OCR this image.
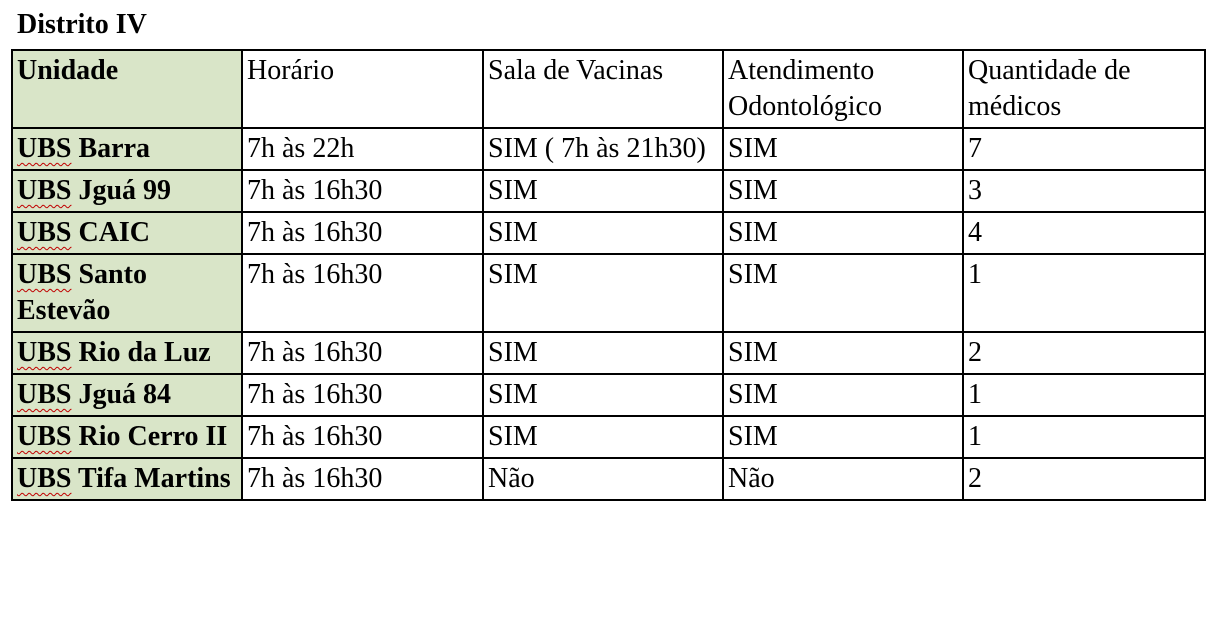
Distrito IV
Unidade	Horário	Sala de Vacinas	Atendimento Odontológico	Quantidade de médicos
UBS Barra	7h às 22h	SIM ( 7h às 21h30)	SIM	7
UBS Jguá 99	7h às 16h30	SIM	SIM	3
UBS CAIC	7h às 16h30	SIM	SIM	4
UBS Santo Estevão	7h às 16h30	SIM	SIM	1
UBS Rio da Luz	7h às 16h30	SIM	SIM	2
UBS Jguá 84	7h às 16h30	SIM	SIM	1
UBS Rio Cerro II	7h às 16h30	SIM	SIM	1
UBS Tifa Martins	7h às 16h30	Não	Não	2
